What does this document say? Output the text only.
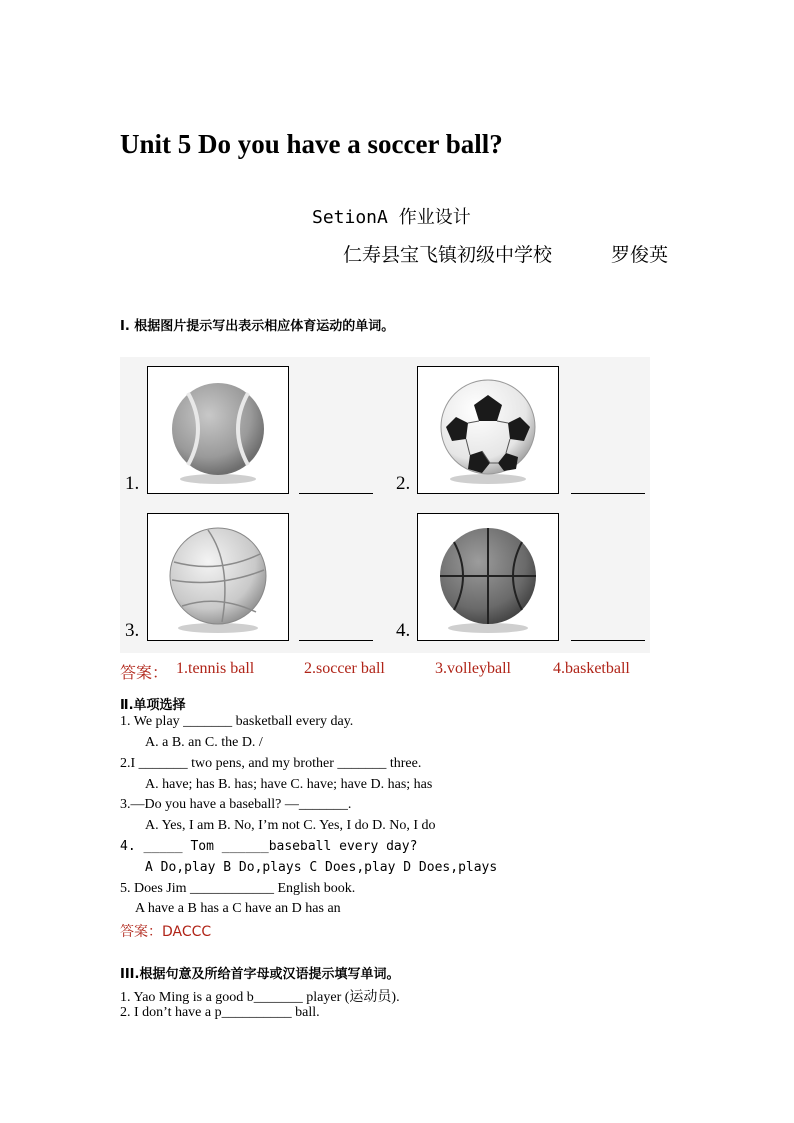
Unit 5 Do you have a soccer ball?
SetionA 作业设计
仁寿县宝飞镇初级中学校	罗俊英
Ⅰ. 根据图片提示写出表示相应体育运动的单词。
1.	2.
3.	4.
答案： 1.tennis ball	2.soccer ball	3.volleyball	4.basketball
Ⅱ.单项选择
1. We play _______ basketball every day.
A. a B. an C. the D. /
2.I _______ two pens, and my brother _______ three.
A. have; has B. has; have C. have; have D. has; has
3.—Do you have a baseball? —_______.
A. Yes, I am B. No, I’m not C. Yes, I do D. No, I do
4. _____ Tom ______baseball every day?
A Do,play B Do,plays C Does,play D Does,plays
5. Does Jim ____________ English book.
A have a B has a C have an D has an
答案：DACCC
III.根据句意及所给首字母或汉语提示填写单词。
1. Yao Ming is a good b_______ player (运动员).
2. I don’t have a p__________ ball.
